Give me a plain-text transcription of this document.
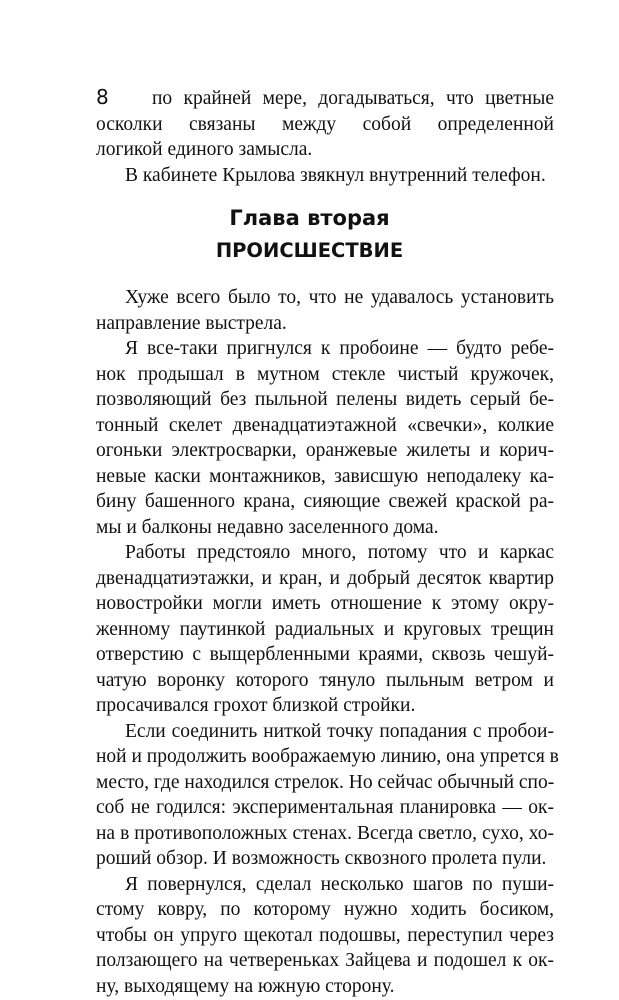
8 по крайней мере, догадываться, что цветные
осколки связаны между собой определенной
логикой единого замысла.
В кабинете Крылова звякнул внутренний телефон.
Глава вторая
ПРОИСШЕСТВИЕ
Хуже всего было то, что не удавалось установить
направление выстрела.
Я все-таки пригнулся к пробоине — будто ребе-
нок продышал в мутном стекле чистый кружочек,
позволяющий без пыльной пелены видеть серый бе-
тонный скелет двенадцатиэтажной «свечки», колкие
огоньки электросварки, оранжевые жилеты и корич-
невые каски монтажников, зависшую неподалеку ка-
бину башенного крана, сияющие свежей краской ра-
мы и балконы недавно заселенного дома.
Работы предстояло много, потому что и каркас
двенадцатиэтажки, и кран, и добрый десяток квартир
новостройки могли иметь отношение к этому окру-
женному паутинкой радиальных и круговых трещин
отверстию с выщербленными краями, сквозь чешуй-
чатую воронку которого тянуло пыльным ветром и
просачивался грохот близкой стройки.
Если соединить ниткой точку попадания с пробои-
ной и продолжить воображаемую линию, она упрется в
место, где находился стрелок. Но сейчас обычный спо-
соб не годился: экспериментальная планировка — ок-
на в противоположных стенах. Всегда светло, сухо, хо-
роший обзор. И возможность сквозного пролета пули.
Я повернулся, сделал несколько шагов по пуши-
стому ковру, по которому нужно ходить босиком,
чтобы он упруго щекотал подошвы, переступил через
ползающего на четвереньках Зайцева и подошел к ок-
ну, выходящему на южную сторону.
